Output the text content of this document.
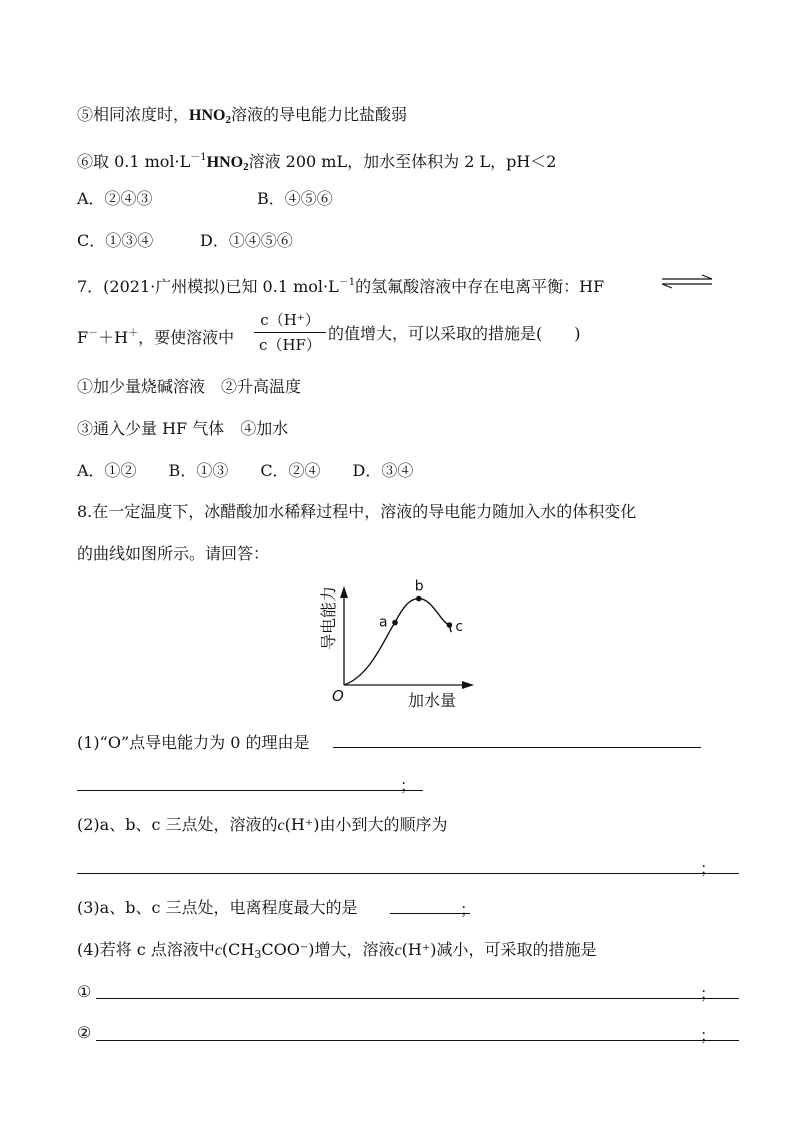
⑤相同浓度时，$HNO_2$溶液的导电能力比盐酸弱
⑥取 0.1 $mol\cdot L^{-1}HNO_2$溶液 200 mL，加水至体积为 2 L，pH＜2
A．②④③	B．④⑤⑥
C．①③④	D．①④⑤⑥
7．(2021·广州模拟)已知 0.1 $mol\cdot L^{-1}$的氢氟酸溶液中存在电离平衡：HF
F－＋H＋，要使溶液中
c（H⁺）
c（HF）
的值增大，可以采取的措施是(　　)
①加少量烧碱溶液　②升高温度
③通入少量 HF 气体　④加水
A．①②　　B．①③　　C．②④　　D．③④
8.在一定温度下，冰醋酸加水稀释过程中，溶液的导电能力随加入水的体积变化
的曲线如图所示。请回答：
导电能力
O	加水量
a
b
c
(1)“O”点导电能力为 0 的理由是
；
(2)a、b、c 三点处，溶液的c(H⁺)由小到大的顺序为
；
(3)a、b、c 三点处，电离程度最大的是	；
(4)若将 c 点溶液中$c(CH_3COO^-)$增大，溶液c(H⁺)减小，可采取的措施是
①	；
②	；
